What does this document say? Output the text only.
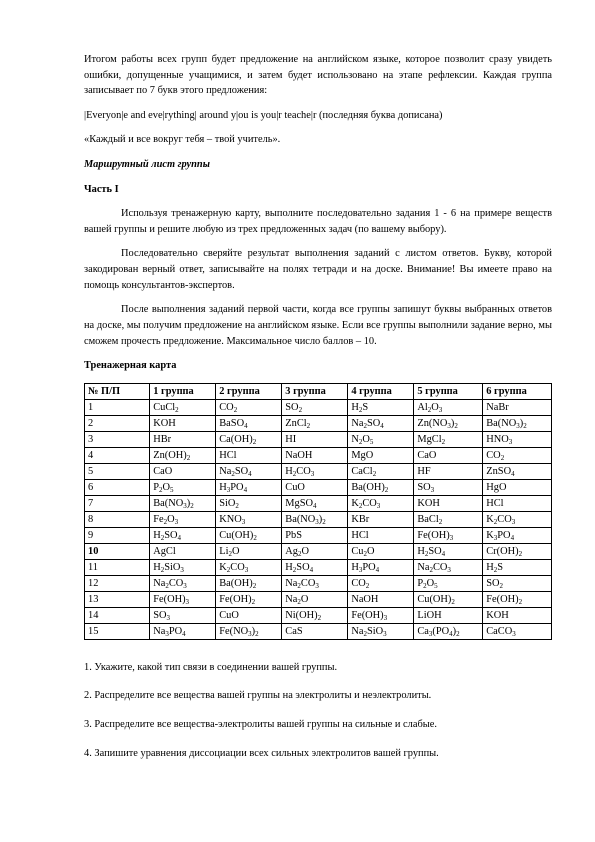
Итогом работы всех групп будет предложение на английском языке, которое позволит сразу увидеть ошибки, допущенные учащимися, и затем будет использовано на этапе рефлексии. Каждая группа записывает по 7 букв этого предложения:

|Everyon|e and eve|rything| around y|ou is you|r teache|r (последняя буква дописана)

«Каждый и все вокруг тебя – твой учитель».

Маршрутный лист группы

Часть I

Используя тренажерную карту, выполните последовательно задания 1 - 6 на примере веществ вашей группы и решите любую из трех предложенных задач (по вашему выбору).

Последовательно сверяйте результат выполнения заданий с листом ответов. Букву, которой закодирован верный ответ, записывайте на полях тетради и на доске. Внимание! Вы имеете право на помощь консультантов-экспертов.

После выполнения заданий первой части, когда все группы запишут буквы выбранных ответов на доске, мы получим предложение на английском языке. Если все группы выполнили задание верно, мы сможем прочесть предложение. Максимальное число баллов – 10.

Тренажерная карта

№ П/П	1 группа	2 группа	3 группа	4 группа	5 группа	6 группа
1	CuCl$_2$	$CO_2$	$SO_2$	$H_2S$	$Al_2O_3$	NaBr
2	KOH	BaSO$_4$	ZnCl$_2$	$Na_2SO_4$	$Zn(NO_3)_2$	$Ba(NO_3)_2$
3	HBr	$Ca(OH)_2$	HI	$N_2O_5$	MgCl$_2$	$HNO_3$
4	$Zn(OH)_2$	HCl	NaOH	MgO	CaO	$CO_2$
5	CaO	$Na_2SO_4$	$H_2CO_3$	CaCl$_2$	HF	ZnSO$_4$
6	$P_2O_5$	$H_3PO_4$	CuO	$Ba(OH)_2$	$SO_3$	HgO
7	$Ba(NO_3)_2$	SiO$_2$	MgSO$_4$	$K_2CO_3$	KOH	HCl
8	$Fe_2O_3$	$KNO_3$	$Ba(NO_3)_2$	KBr	BaCl$_2$	$K_2CO_3$
9	$H_2SO_4$	$Cu(OH)_2$	PbS	HCl	$Fe(OH)_3$	$K_3PO_4$
10	AgCl	$Li_2O$	$Ag_2O$	$Cu_2O$	$H_2SO_4$	$Cr(OH)_2$
11	$H_2SiO_3$	$K_2CO_3$	$H_2SO_4$	$H_3PO_4$	$Na_2CO_3$	$H_2S$
12	$Na_2CO_3$	$Ba(OH)_2$	$Na_2CO_3$	$CO_2$	$P_2O_5$	$SO_2$
13	$Fe(OH)_3$	$Fe(OH)_2$	$Na_2O$	NaOH	$Cu(OH)_2$	$Fe(OH)_2$
14	$SO_3$	CuO	$Ni(OH)_2$	$Fe(OH)_3$	LiOH	KOH
15	$Na_3PO_4$	$Fe(NO_3)_2$	CaS	$Na_2SiO_3$	$Ca_3(PO_4)_2$	CaCO$_3$

1. Укажите, какой тип связи в соединении вашей группы.

2. Распределите все вещества вашей группы на электролиты и неэлектролиты.

3. Распределите все вещества-электролиты вашей группы на сильные и слабые.

4. Запишите уравнения диссоциации всех сильных электролитов вашей группы.
